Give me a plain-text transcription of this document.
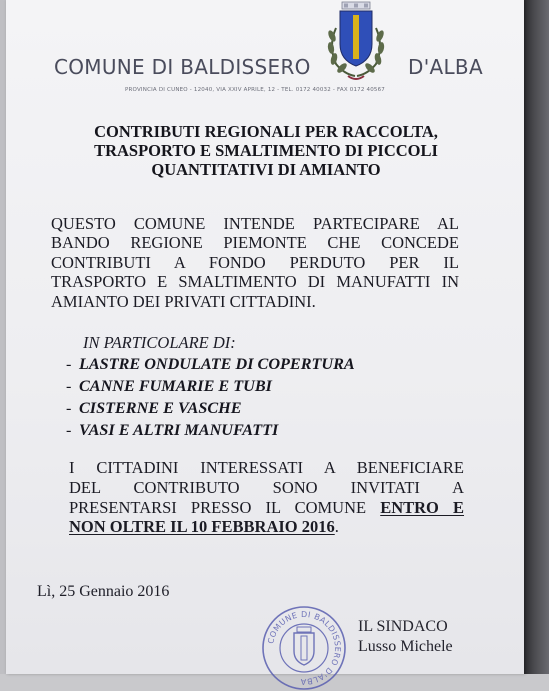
COMUNE DI BALDISSERO	D'ALBA
PROVINCIA DI CUNEO - 12040, VIA XXIV APRILE, 12 - TEL. 0172 40032 - FAX 0172 40567
CONTRIBUTI REGIONALI PER RACCOLTA,
TRASPORTO E SMALTIMENTO DI PICCOLI
QUANTITATIVI DI AMIANTO
QUESTO COMUNE INTENDE PARTECIPARE AL
BANDO REGIONE PIEMONTE CHE CONCEDE
CONTRIBUTI A FONDO PERDUTO PER IL
TRASPORTO E SMALTIMENTO DI MANUFATTI IN
AMIANTO DEI PRIVATI CITTADINI.
IN PARTICOLARE DI:
- LASTRE ONDULATE DI COPERTURA
- CANNE FUMARIE E TUBI
- CISTERNE E VASCHE
- VASI E ALTRI MANUFATTI
I CITTADINI INTERESSATI A BENEFICIARE
DEL CONTRIBUTO SONO INVITATI A
PRESENTARSI PRESSO IL COMUNE ENTRO E
NON OLTRE IL 10 FEBBRAIO 2016.
Lì, 25 Gennaio 2016
COMUNE DI BALDISSERO D'ALBA
IL SINDACO
Lusso Michele
